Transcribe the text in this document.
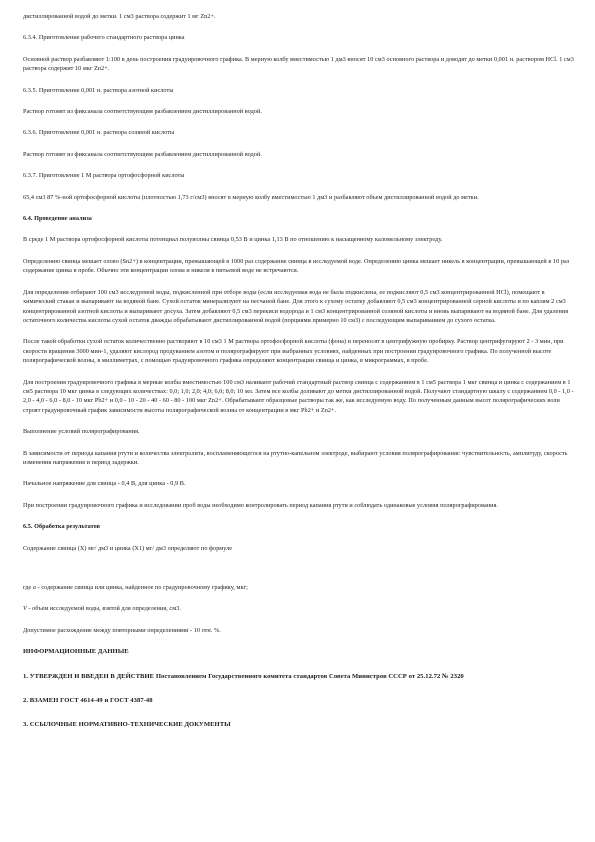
дистиллированной водой до метки. 1 см3 раствора содержит 1 мг Zn2+.

6.3.4. Приготовление рабочего стандартного раствора цинка

Основной раствор разбавляют 1:100 в день построения градуировочного графика. В мерную колбу вместимостью 1 дм3 вносят 10 см3 основного раствора и доводят до метки 0,001 н. раствором HCl. 1 см3 раствора содержит 10 мкг Zn2+.

6.3.5. Приготовление 0,001 н. раствора азотной кислоты

Раствор готовят из фиксанала соответствующим разбавлением дистиллированной водой.

6.3.6. Приготовление 0,001 н. раствора соляной кислоты

Раствор готовят из фиксанала соответствующим разбавлением дистиллированной водой.

6.3.7. Приготовление 1 М раствора ортофосфорной кислоты

65,4 см3 87 %-ной ортофосфорной кислоты (плотностью 1,73 г/см3) вносят в мерную колбу вместимостью 1 дм3 и разбавляют объем дистиллированной водой до метки.

6.4. Проведение анализа

В среде 1 М раствора ортофосфорной кислоты потенциал полуволны свинца 0,53 В и цинка 1,13 В по отношению к насыщенному каломельному электроду.

Определению свинца мешает олово (Sn2+) в концентрации, превышающей в 1000 раз содержание свинца в исследуемой воде. Определению цинка мешает никель в концентрации, превышающей в 10 раз содержание цинка в пробе. Обычно эти концентрации олова и никеля в питьевой воде не встречаются.

Для определения отбирают 100 см3 исследуемой воды, подкисленной при отборе воды (если исследуемая вода не была подкислена, ее подкисляют 0,5 см3 концентрированной HCl), помещают в химический стакан и выпаривают на водяной бане. Сухой остаток минерализуют на песчаной бане. Для этого к сухому остатку добавляют 0,5 см3 концентрированной серной кислоты и по каплям 2 см3 концентрированной азотной кислоты и выпаривают досуха. Затем добавляют 0,5 см3 перекиси водорода и 1 см3 концентрированной соляной кислоты и вновь выпаривают на водяной бане. Для удаления остаточного количества кислоты сухой остаток дважды обрабатывают дистиллированной водой (порциями примерно 10 см3) с последующим выпариванием до сухого остатка.

После такой обработки сухой остаток количественно растворяют в 10 см3 1 М раствора ортофосфорной кислоты (фона) и переносят в центрифужную пробирку. Раствор центрифугируют 2 - 3 мин, при скорости вращения 3000 мин-1, удаляют кислород продуванием азотом и полярографируют при выбранных условиях, найденных при построении градуировочного графика. По полученной высоте полярографической волны, в миллиметрах, с помощью градуировочного графика определяют концентрации свинца и цинка, в микрограммах, в пробе.

Для построения градуировочного графика в мерные колбы вместимостью 100 см3 наливают рабочий стандартный раствор свинца с содержанием в 1 см5 раствора 1 мкг свинца и цинка с содержанием в 1 см5 раствора 10 мкг цинка в следующих количествах: 0,0; 1,0; 2,0; 4,0; 6,0; 8,0; 10 мл. Затем все колбы доливают до метки дистиллированной водой. Получают стандартную шкалу с содержанием 0,0 - 1,0 - 2,0 - 4,0 - 6,0 - 8,0 - 10 мкг Pb2+ и 0,0 - 10 - 20 - 40 - 60 - 80 - 100 мкг Zn2+. Обрабатывают образцовые растворы так же, как исследуемую воду. По полученным данным высот полярографических волн строят градуировочный график зависимости высоты полярографической волны от концентрации в мкг Pb2+ и Zn2+.

Выполнение условий полярографирования.

В зависимости от периода капания ртути и количества электролита, воспламеняющегося на ртутно-капельном электроде, выбирают условия полярографирования: чувствительность, амплитуду, скорость изменения напряжения и период задержки.

Начальное напряжение для свинца - 0,4 В, для цинка - 0,9 В.

При построении градуировочного графика и исследовании проб воды необходимо контролировать период капания ртути и соблюдать одинаковые условия полярографирования.

6.5. Обработка результатов

Содержание свинца (Х) мг/ дм3 и цинка (Х1) мг/ дм3 определяют по формуле

где а - содержание свинца или цинка, найденное по градуировочному графику, мкг;

V - объем исследуемой воды, взятой для определения, см3.

Допустимое расхождение между повторными определениями - 10 отн. %.

ИНФОРМАЦИОННЫЕ ДАННЫЕ

1. УТВЕРЖДЕН И ВВЕДЕН В ДЕЙСТВИЕ Постановлением Государственного комитета стандартов Совета Министров СССР от 25.12.72 № 2320

2. ВЗАМЕН ГОСТ 4614-49 и ГОСТ 4387-48

3. ССЫЛОЧНЫЕ НОРМАТИВНО-ТЕХНИЧЕСКИЕ ДОКУМЕНТЫ
